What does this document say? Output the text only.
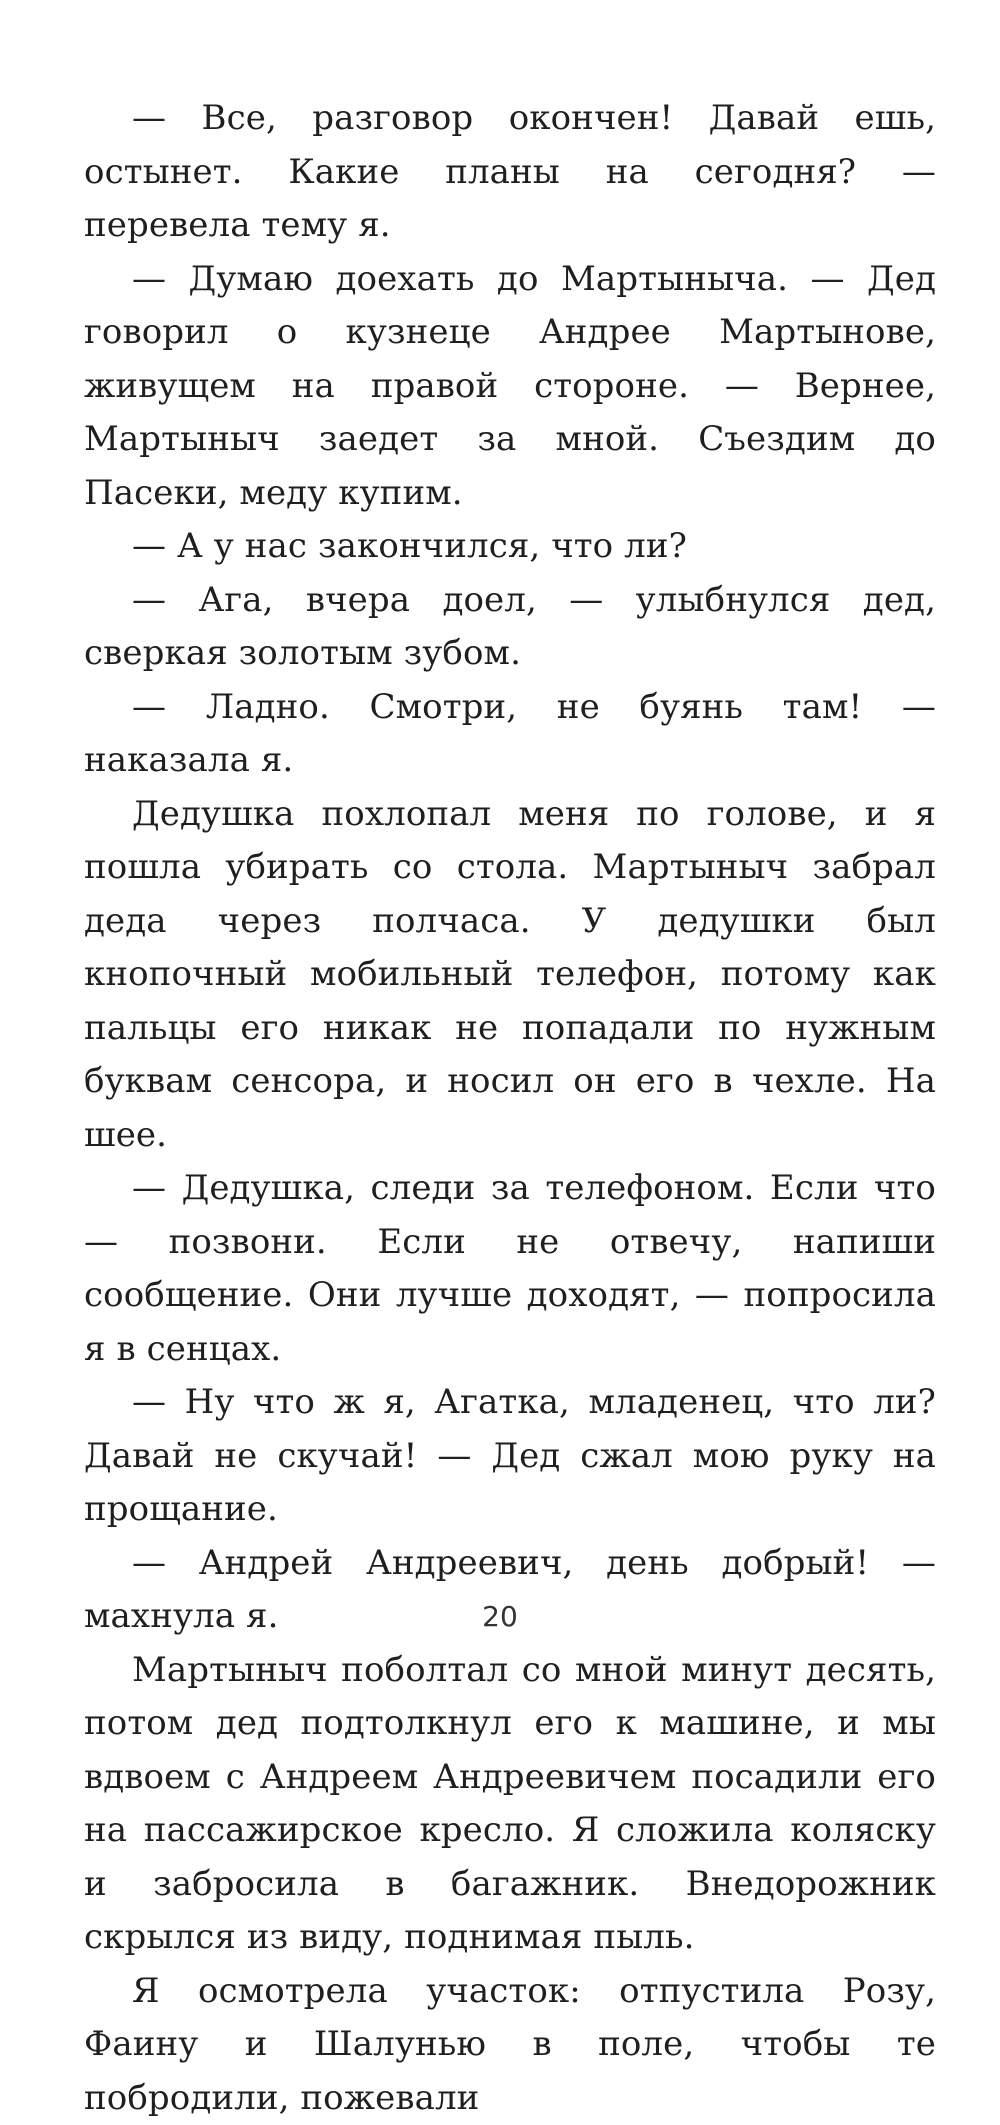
— Все, разговор окончен! Давай ешь, остынет. Какие планы на сегодня? — перевела тему я.

— Думаю доехать до Мартыныча. — Дед говорил о кузнеце Андрее Мартынове, живущем на правой стороне. — Вернее, Мартыныч заедет за мной. Съездим до Пасеки, меду купим.

— А у нас закончился, что ли?

— Ага, вчера доел, — улыбнулся дед, сверкая золотым зубом.

— Ладно. Смотри, не буянь там! — наказала я.

Дедушка похлопал меня по голове, и я пошла убирать со стола. Мартыныч забрал деда через полчаса. У дедушки был кнопочный мобильный телефон, потому как пальцы его никак не попадали по нужным буквам сенсора, и носил он его в чехле. На шее.

— Дедушка, следи за телефоном. Если что — позвони. Если не отвечу, напиши сообщение. Они лучше доходят, — попросила я в сенцах.

— Ну что ж я, Агатка, младенец, что ли? Давай не скучай! — Дед сжал мою руку на прощание.

— Андрей Андреевич, день добрый! — махнула я.

Мартыныч поболтал со мной минут десять, потом дед подтолкнул его к машине, и мы вдвоем с Андреем Андреевичем посадили его на пассажирское кресло. Я сложила коляску и забросила в багажник. Внедорожник скрылся из виду, поднимая пыль.

Я осмотрела участок: отпустила Розу, Фаину и Шалунью в поле, чтобы те побродили, пожевали

20
